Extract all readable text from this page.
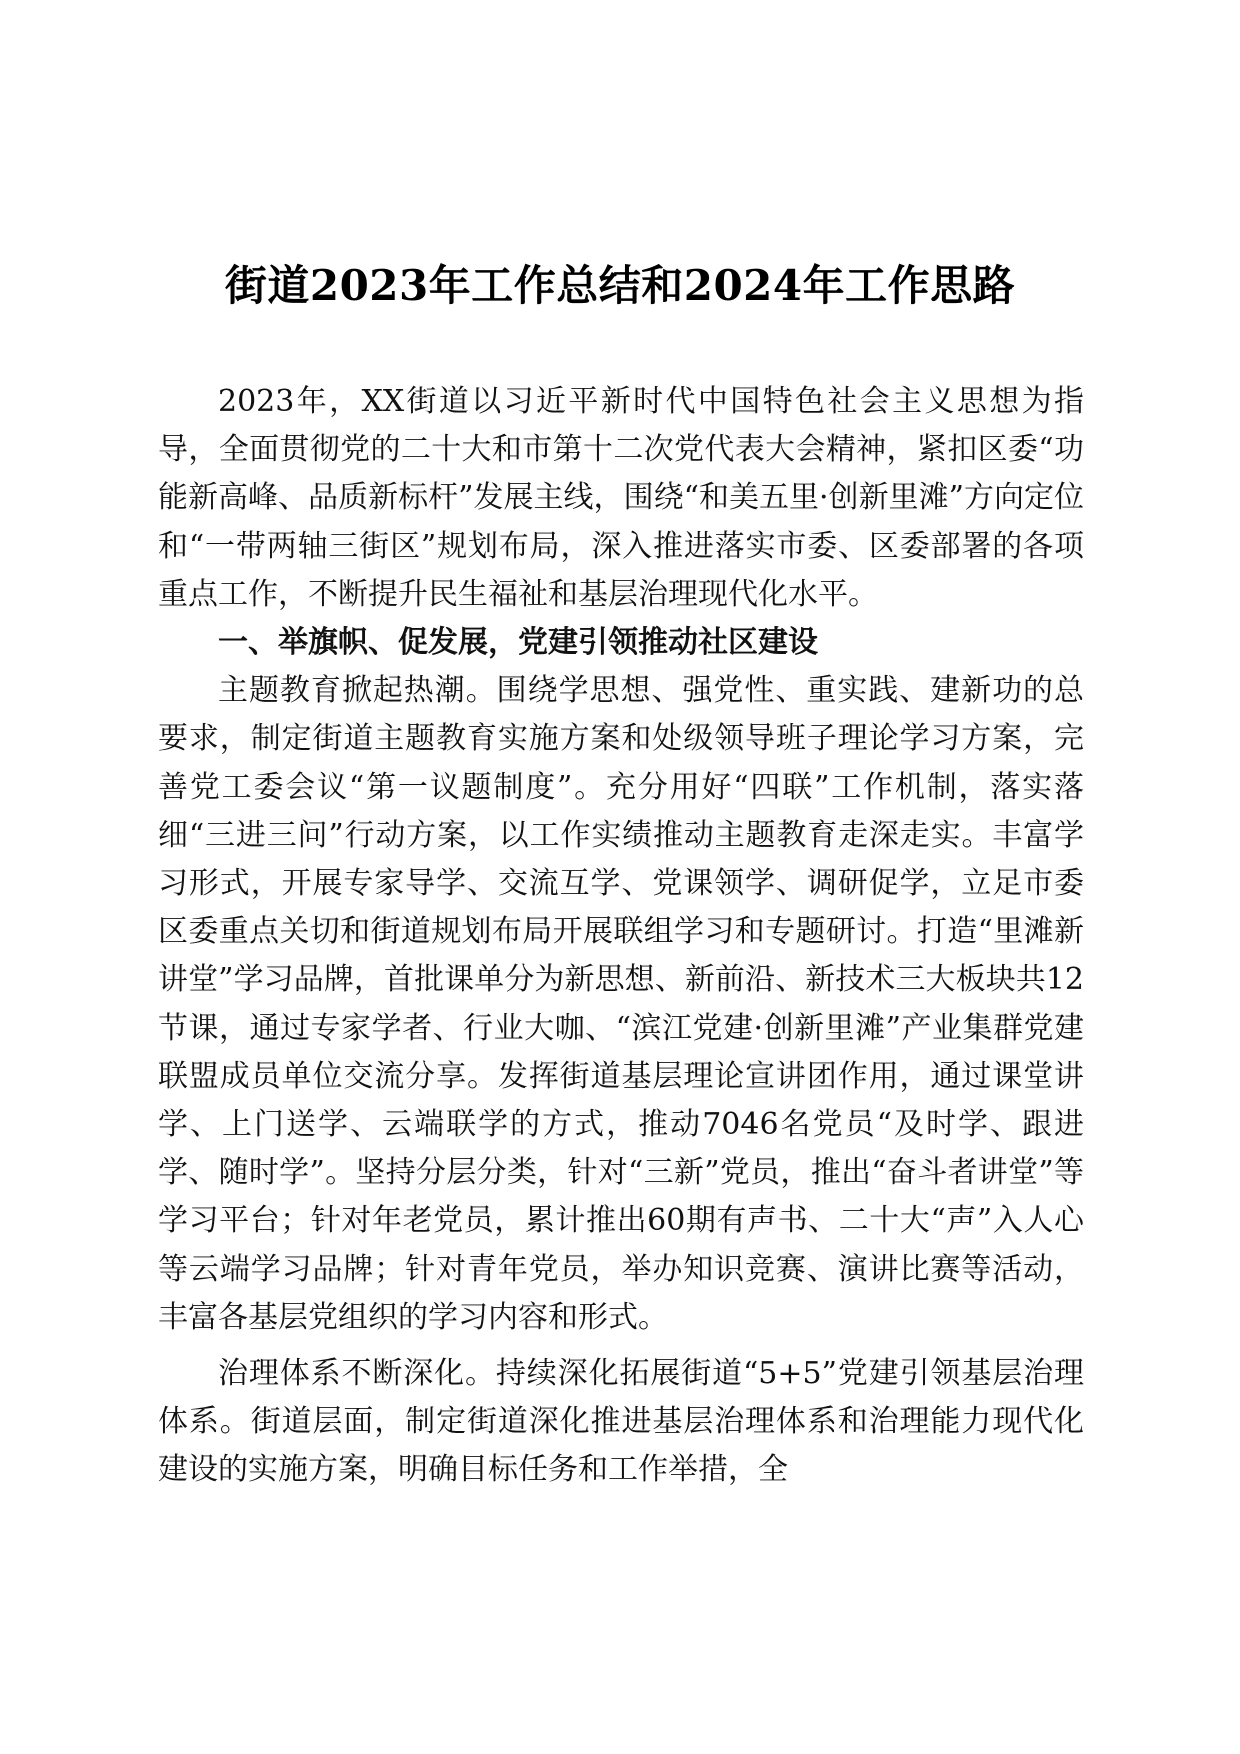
街道2023年工作总结和2024年工作思路

2023年，XX街道以习近平新时代中国特色社会主义思想为指导，全面贯彻党的二十大和市第十二次党代表大会精神，紧扣区委“功能新高峰、品质新标杆”发展主线，围绕“和美五里·创新里滩”方向定位和“一带两轴三街区”规划布局，深入推进落实市委、区委部署的各项重点工作，不断提升民生福祉和基层治理现代化水平。

一、举旗帜、促发展，党建引领推动社区建设

主题教育掀起热潮。围绕学思想、强党性、重实践、建新功的总要求，制定街道主题教育实施方案和处级领导班子理论学习方案，完善党工委会议“第一议题制度”。充分用好“四联”工作机制，落实落细“三进三问”行动方案，以工作实绩推动主题教育走深走实。丰富学习形式，开展专家导学、交流互学、党课领学、调研促学，立足市委区委重点关切和街道规划布局开展联组学习和专题研讨。打造“里滩新讲堂”学习品牌，首批课单分为新思想、新前沿、新技术三大板块共12节课，通过专家学者、行业大咖、“滨江党建·创新里滩”产业集群党建联盟成员单位交流分享。发挥街道基层理论宣讲团作用，通过课堂讲学、上门送学、云端联学的方式，推动7046名党员“及时学、跟进学、随时学”。坚持分层分类，针对“三新”党员，推出“奋斗者讲堂”等学习平台；针对年老党员，累计推出60期有声书、二十大“声”入人心等云端学习品牌；针对青年党员，举办知识竞赛、演讲比赛等活动，丰富各基层党组织的学习内容和形式。

治理体系不断深化。持续深化拓展街道“5+5”党建引领基层治理体系。街道层面，制定街道深化推进基层治理体系和治理能力现代化建设的实施方案，明确目标任务和工作举措，全
